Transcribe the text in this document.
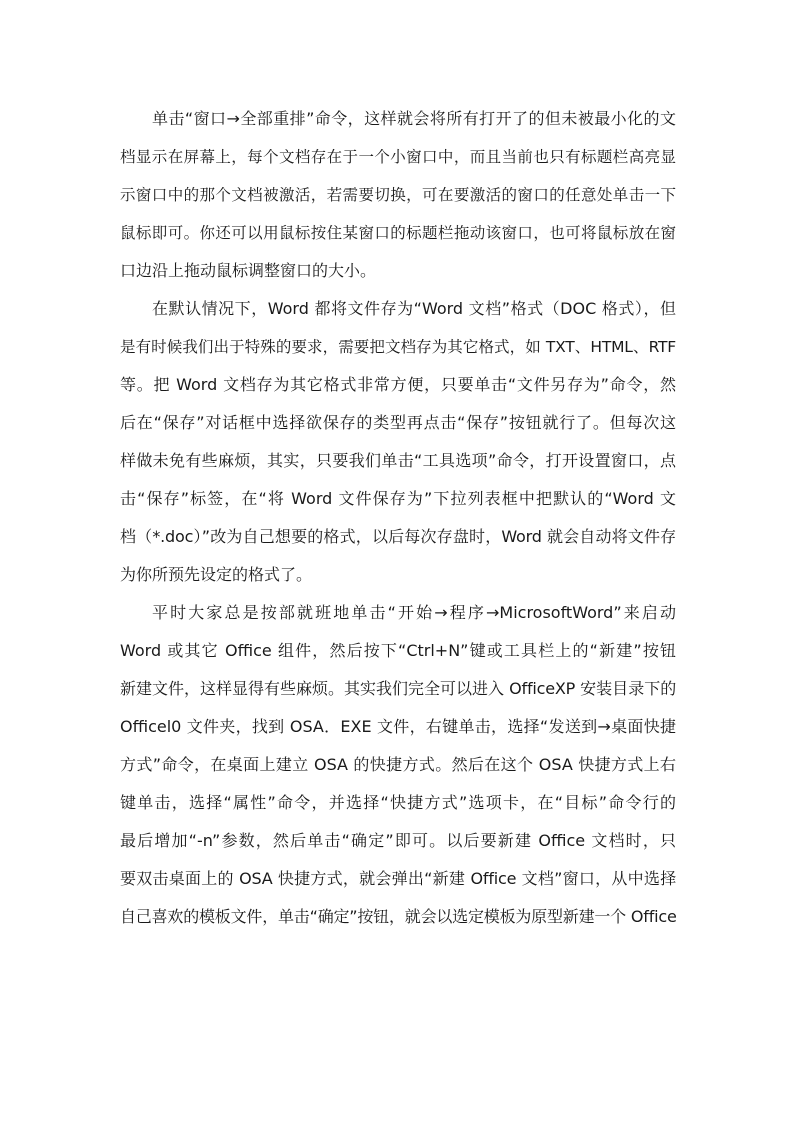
单击“窗口→全部重排”命令，这样就会将所有打开了的但未被最小化的文
档显示在屏幕上，每个文档存在于一个小窗口中，而且当前也只有标题栏高亮显
示窗口中的那个文档被激活，若需要切换，可在要激活的窗口的任意处单击一下
鼠标即可。你还可以用鼠标按住某窗口的标题栏拖动该窗口，也可将鼠标放在窗
口边沿上拖动鼠标调整窗口的大小。
在默认情况下，Word 都将文件存为“Word 文档”格式（DOC 格式），但
是有时候我们出于特殊的要求，需要把文档存为其它格式，如 TXT、HTML、RTF
等。把 Word 文档存为其它格式非常方便，只要单击“文件另存为”命令，然
后在“保存”对话框中选择欲保存的类型再点击“保存”按钮就行了。但每次这
样做未免有些麻烦，其实，只要我们单击“工具选项”命令，打开设置窗口，点
击“保存”标签，在“将 Word 文件保存为”下拉列表框中把默认的“Word 文
档（*.doc）”改为自己想要的格式，以后每次存盘时，Word 就会自动将文件存
为你所预先设定的格式了。
平时大家总是按部就班地单击“开始→程序→MicrosoftWord”来启动
Word 或其它 Office 组件，然后按下“Ctrl+N”键或工具栏上的“新建”按钮
新建文件，这样显得有些麻烦。其实我们完全可以进入 OfficeXP 安装目录下的
Officel0 文件夹，找到 OSA．EXE 文件，右键单击，选择“发送到→桌面快捷
方式”命令，在桌面上建立 OSA 的快捷方式。然后在这个 OSA 快捷方式上右
键单击，选择“属性”命令，并选择“快捷方式”选项卡，在“目标”命令行的
最后增加“-n”参数，然后单击“确定”即可。以后要新建 Office 文档时，只
要双击桌面上的 OSA 快捷方式，就会弹出“新建 Office 文档”窗口，从中选择
自己喜欢的模板文件，单击“确定”按钮，就会以选定模板为原型新建一个 Office
